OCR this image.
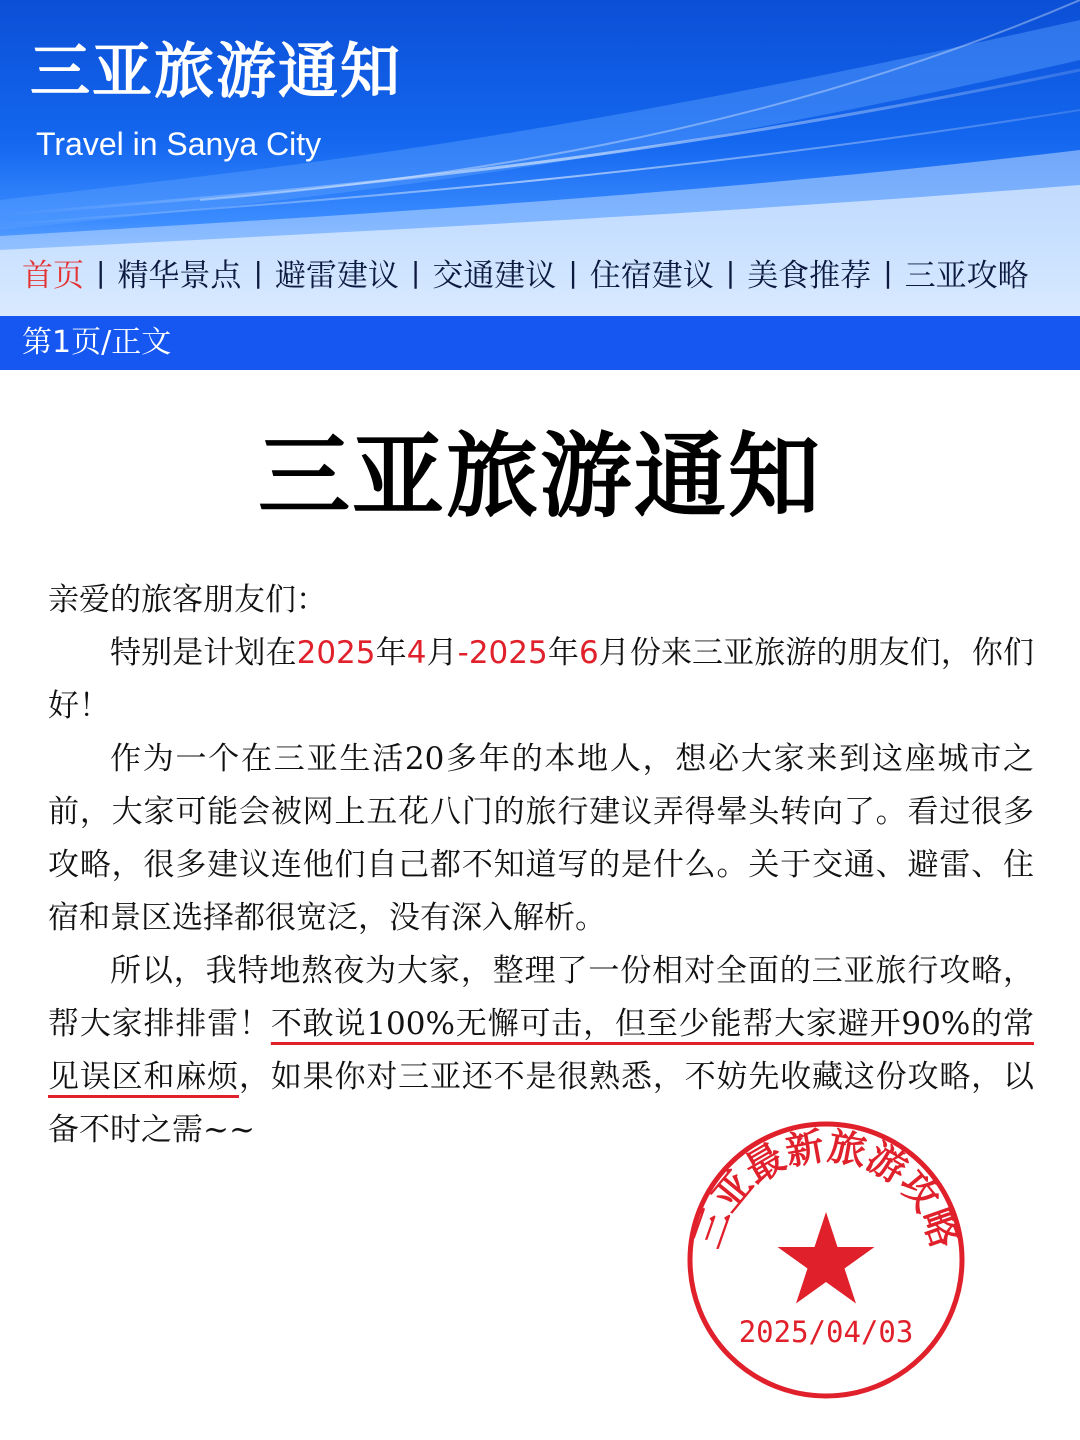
三亚旅游通知
Travel in Sanya City
首页 | 精华景点 | 避雷建议 | 交通建议 | 住宿建议 | 美食推荐 | 三亚攻略
第1页/正文
三亚旅游通知

亲爱的旅客朋友们：

特别是计划在2025年4月-2025年6月份来三亚旅游的朋友们，你们好！

作为一个在三亚生活20多年的本地人，想必大家来到这座城市之前，大家可能会被网上五花八门的旅行建议弄得晕头转向了。看过很多攻略，很多建议连他们自己都不知道写的是什么。关于交通、避雷、住宿和景区选择都很宽泛，没有深入解析。

所以，我特地熬夜为大家，整理了一份相对全面的三亚旅行攻略，帮大家排排雷！不敢说100%无懈可击，但至少能帮大家避开90%的常见误区和麻烦，如果你对三亚还不是很熟悉，不妨先收藏这份攻略，以备不时之需~~

三亚最新旅游攻略
2025/04/03
